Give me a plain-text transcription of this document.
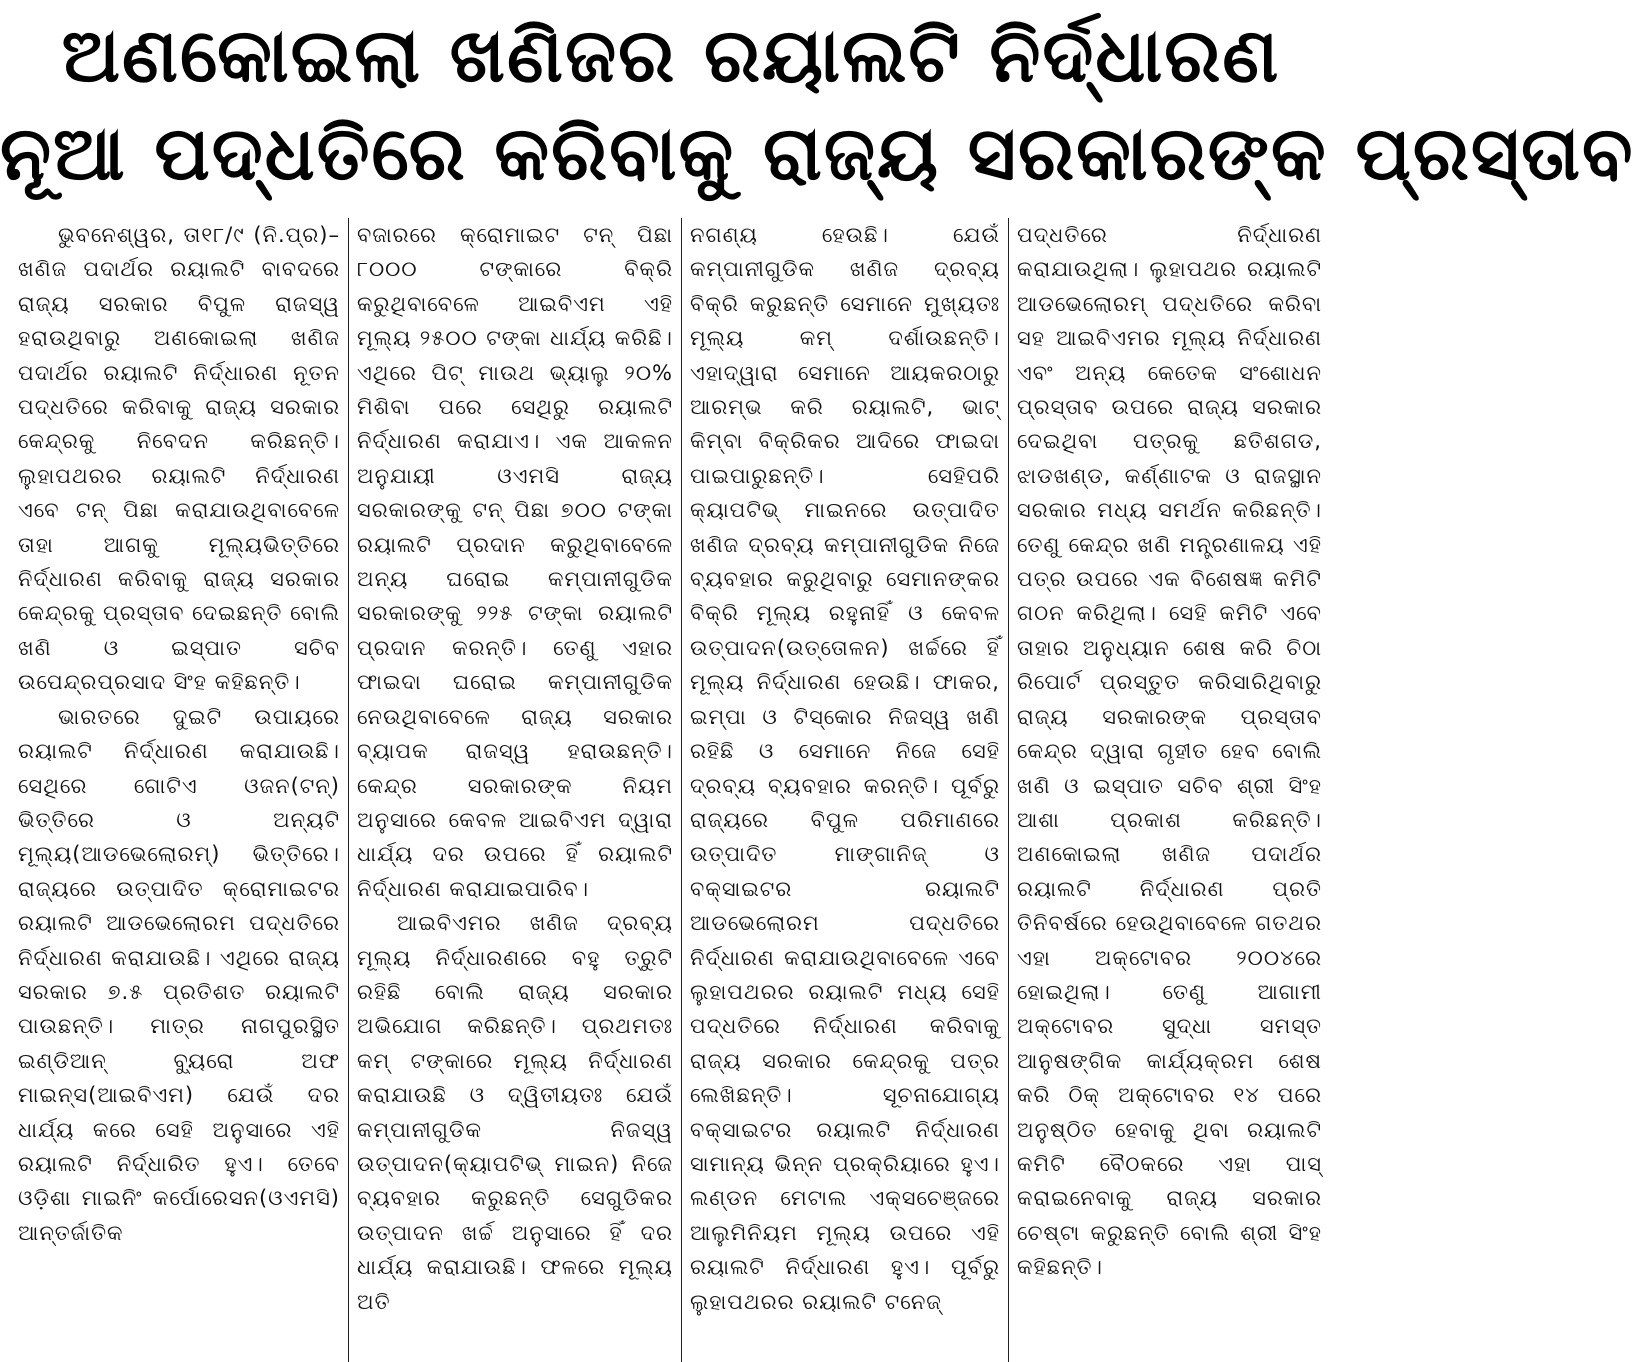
ଅଣକୋଇଲା ଖଣିଜର ରୟାଲଟି ନିର୍ଦ୍ଧାରଣ
ନୂଆ ପଦ୍ଧତିରେ କରିବାକୁ ରାଜ୍ୟ ସରକାରଙ୍କ ପ୍ରସ୍ତାବ

ଭୁବନେଶ୍ୱର, ତା୧୮/୯ (ନି.ପ୍ର)– ଖଣିଜ ପଦାର୍ଥର ରୟାଲଟି ବାବଦରେ ରାଜ୍ୟ ସରକାର ବିପୁଳ ରାଜସ୍ୱ ହରାଉଥିବାରୁ ଅଣକୋଇଲା ଖଣିଜ ପଦାର୍ଥର ରୟାଲଟି ନିର୍ଦ୍ଧାରଣ ନୂତନ ପଦ୍ଧତିରେ କରିବାକୁ ରାଜ୍ୟ ସରକାର କେନ୍ଦ୍ରକୁ ନିବେଦନ କରିଛନ୍ତି। ଲୁହାପଥରର ରୟାଲଟି ନିର୍ଦ୍ଧାରଣ ଏବେ ଟନ୍ ପିଛା କରାଯାଉଥିବାବେଳେ ତାହା ଆଗକୁ ମୂଲ୍ୟଭିତ୍ତିରେ ନିର୍ଦ୍ଧାରଣ କରିବାକୁ ରାଜ୍ୟ ସରକାର କେନ୍ଦ୍ରକୁ ପ୍ରସ୍ତାବ ଦେଇଛନ୍ତି ବୋଲି ଖଣି ଓ ଇସ୍ପାତ ସଚିବ ଉପେନ୍ଦ୍ରପ୍ରସାଦ ସିଂହ କହିଛନ୍ତି।

ଭାରତରେ ଦୁଇଟି ଉପାୟରେ ରୟାଲଟି ନିର୍ଦ୍ଧାରଣ କରାଯାଉଛି। ସେଥିରେ ଗୋଟିଏ ଓଜନ(ଟନ୍) ଭିତ୍ତିରେ ଓ ଅନ୍ୟଟି ମୂଲ୍ୟ(ଆଡଭେଲୋରମ୍) ଭିତ୍ତିରେ। ରାଜ୍ୟରେ ଉତ୍ପାଦିତ କ୍ରୋମାଇଟର ରୟାଲଟି ଆଡଭେଲୋରମ ପଦ୍ଧତିରେ ନିର୍ଦ୍ଧାରଣ କରାଯାଉଛି। ଏଥିରେ ରାଜ୍ୟ ସରକାର ୭.୫ ପ୍ରତିଶତ ରୟାଲଟି ପାଉଛନ୍ତି। ମାତ୍ର ନାଗପୁରସ୍ଥିତ ଇଣ୍ଡିଆନ୍ ବ୍ୟୁରୋ ଅଫ ମାଇନ୍ସ(ଆଇବିଏମ) ଯେଉଁ ଦର ଧାର୍ଯ୍ୟ କରେ ସେହି ଅନୁସାରେ ଏହି ରୟାଲଟି ନିର୍ଦ୍ଧାରିତ ହୁଏ। ତେବେ ଓଡ଼ିଶା ମାଇନିଂ କର୍ପୋରେସନ(ଓଏମସି) ଆନ୍ତର୍ଜାତିକ

ବଜାରରେ କ୍ରୋମାଇଟ ଟନ୍ ପିଛା ୮୦୦୦ ଟଙ୍କାରେ ବିକ୍ରି କରୁଥିବାବେଳେ ଆଇବିଏମ ଏହି ମୂଲ୍ୟ ୨୫୦୦ ଟଙ୍କା ଧାର୍ଯ୍ୟ କରିଛି। ଏଥିରେ ପିଟ୍ ମାଉଥ ଭ୍ୟାଲୁ ୨୦% ମିଶିବା ପରେ ସେଥିରୁ ରୟାଲଟି ନିର୍ଦ୍ଧାରଣ କରାଯାଏ। ଏକ ଆକଳନ ଅନୁଯାୟୀ ଓଏମସି ରାଜ୍ୟ ସରକାରଙ୍କୁ ଟନ୍ ପିଛା ୭୦୦ ଟଙ୍କା ରୟାଲଟି ପ୍ରଦାନ କରୁଥିବାବେଳେ ଅନ୍ୟ ଘରୋଇ କମ୍ପାନୀଗୁଡିକ ସରକାରଙ୍କୁ ୨୨୫ ଟଙ୍କା ରୟାଲଟି ପ୍ରଦାନ କରନ୍ତି। ତେଣୁ ଏହାର ଫାଇଦା ଘରୋଇ କମ୍ପାନୀଗୁଡିକ ନେଉଥିବାବେଳେ ରାଜ୍ୟ ସରକାର ବ୍ୟାପକ ରାଜସ୍ୱ ହରାଉଛନ୍ତି। କେନ୍ଦ୍ର ସରକାରଙ୍କ ନିୟମ ଅନୁସାରେ କେବଳ ଆଇବିଏମ ଦ୍ୱାରା ଧାର୍ଯ୍ୟ ଦର ଉପରେ ହିଁ ରୟାଲଟି ନିର୍ଦ୍ଧାରଣ କରାଯାଇପାରିବ।

ଆଇବିଏମର ଖଣିଜ ଦ୍ରବ୍ୟ ମୂଲ୍ୟ ନିର୍ଦ୍ଧାରଣରେ ବହୁ ତ୍ରୁଟି ରହିଛି ବୋଲି ରାଜ୍ୟ ସରକାର ଅଭିଯୋଗ କରିଛନ୍ତି। ପ୍ରଥମତଃ କମ୍ ଟଙ୍କାରେ ମୂଲ୍ୟ ନିର୍ଦ୍ଧାରଣ କରାଯାଉଛି ଓ ଦ୍ୱିତୀୟତଃ ଯେଉଁ କମ୍ପାନୀଗୁଡିକ ନିଜସ୍ୱ ଉତ୍ପାଦନ(କ୍ୟାପଟିଭ୍ ମାଇନ) ନିଜେ ବ୍ୟବହାର କରୁଛନ୍ତି ସେଗୁଡିକର ଉତ୍ପାଦନ ଖର୍ଚ୍ଚ ଅନୁସାରେ ହିଁ ଦର ଧାର୍ଯ୍ୟ କରାଯାଉଛି। ଫଳରେ ମୂଲ୍ୟ ଅତି

ନଗଣ୍ୟ ହେଉଛି। ଯେଉଁ କମ୍ପାନୀଗୁଡିକ ଖଣିଜ ଦ୍ରବ୍ୟ ବିକ୍ରି କରୁଛନ୍ତି ସେମାନେ ମୁଖ୍ୟତଃ ମୂଲ୍ୟ କମ୍ ଦର୍ଶାଉଛନ୍ତି। ଏହାଦ୍ୱାରା ସେମାନେ ଆୟକରଠାରୁ ଆରମ୍ଭ କରି ରୟାଲଟି, ଭାଟ୍ କିମ୍ବା ବିକ୍ରିକର ଆଦିରେ ଫାଇଦା ପାଇପାରୁଛନ୍ତି। ସେହିପରି କ୍ୟାପଟିଭ୍ ମାଇନରେ ଉତ୍ପାଦିତ ଖଣିଜ ଦ୍ରବ୍ୟ କମ୍ପାନୀଗୁଡିକ ନିଜେ ବ୍ୟବହାର କରୁଥିବାରୁ ସେମାନଙ୍କର ବିକ୍ରି ମୂଲ୍ୟ ରହୁନାହିଁ ଓ କେବଳ ଉତ୍ପାଦନ(ଉତ୍ତୋଳନ) ଖର୍ଚ୍ଚରେ ହିଁ ମୂଲ୍ୟ ନିର୍ଦ୍ଧାରଣ ହେଉଛି। ଫାକର, ଇମ୍ପା ଓ ଟିସ୍କୋର ନିଜସ୍ୱ ଖଣି ରହିଛି ଓ ସେମାନେ ନିଜେ ସେହି ଦ୍ରବ୍ୟ ବ୍ୟବହାର କରନ୍ତି। ପୂର୍ବରୁ ରାଜ୍ୟରେ ବିପୁଳ ପରିମାଣରେ ଉତ୍ପାଦିତ ମାଙ୍ଗାନିଜ୍ ଓ ବକ୍ସାଇଟର ରୟାଲଟି ଆଡଭେଲୋରମ ପଦ୍ଧତିରେ ନିର୍ଦ୍ଧାରଣ କରାଯାଉଥିବାବେଳେ ଏବେ ଲୁହାପଥରର ରୟାଲଟି ମଧ୍ୟ ସେହି ପଦ୍ଧତିରେ ନିର୍ଦ୍ଧାରଣ କରିବାକୁ ରାଜ୍ୟ ସରକାର କେନ୍ଦ୍ରକୁ ପତ୍ର ଲେଖିଛନ୍ତି। ସୂଚନାଯୋଗ୍ୟ ବକ୍ସାଇଟର ରୟାଲଟି ନିର୍ଦ୍ଧାରଣ ସାମାନ୍ୟ ଭିନ୍ନ ପ୍ରକ୍ରିୟାରେ ହୁଏ। ଲଣ୍ଡନ ମେଟାଲ ଏକ୍ସଚେଞ୍ଜରେ ଆଲୁମିନିୟମ ମୂଲ୍ୟ ଉପରେ ଏହି ରୟାଲଟି ନିର୍ଦ୍ଧାରଣ ହୁଏ। ପୂର୍ବରୁ ଲୁହାପଥରର ରୟାଲଟି ଟନେଜ୍

ପଦ୍ଧତିରେ ନିର୍ଦ୍ଧାରଣ କରାଯାଉଥିଲା। ଲୁହାପଥର ରୟାଲଟି ଆଡଭେଲୋରମ୍ ପଦ୍ଧତିରେ କରିବା ସହ ଆଇବିଏମର ମୂଲ୍ୟ ନିର୍ଦ୍ଧାରଣ ଏବଂ ଅନ୍ୟ କେତେକ ସଂଶୋଧନ ପ୍ରସ୍ତାବ ଉପରେ ରାଜ୍ୟ ସରକାର ଦେଇଥିବା ପତ୍ରକୁ ଛତିଶଗଡ, ଝାଡଖଣ୍ଡ, କର୍ଣ୍ଣାଟକ ଓ ରାଜସ୍ଥାନ ସରକାର ମଧ୍ୟ ସମର୍ଥନ କରିଛନ୍ତି। ତେଣୁ କେନ୍ଦ୍ର ଖଣି ମନ୍ତ୍ରଣାଳୟ ଏହି ପତ୍ର ଉପରେ ଏକ ବିଶେଷଜ୍ଞ କମିଟି ଗଠନ କରିଥିଲା। ସେହି କମିଟି ଏବେ ତାହାର ଅନୁଧ୍ୟାନ ଶେଷ କରି ଚିଠା ରିପୋର୍ଟ ପ୍ରସ୍ତୁତ କରିସାରିଥିବାରୁ ରାଜ୍ୟ ସରକାରଙ୍କ ପ୍ରସ୍ତାବ କେନ୍ଦ୍ର ଦ୍ୱାରା ଗୃହୀତ ହେବ ବୋଲି ଖଣି ଓ ଇସ୍ପାତ ସଚିବ ଶ୍ରୀ ସିଂହ ଆଶା ପ୍ରକାଶ କରିଛନ୍ତି। ଅଣକୋଇଲା ଖଣିଜ ପଦାର୍ଥର ରୟାଲଟି ନିର୍ଦ୍ଧାରଣ ପ୍ରତି ତିନିବର୍ଷରେ ହେଉଥିବାବେଳେ ଗତଥର ଏହା ଅକ୍ଟୋବର ୨୦୦୪ରେ ହୋଇଥିଲା। ତେଣୁ ଆଗାମୀ ଅକ୍ଟୋବର ସୁଦ୍ଧା ସମସ୍ତ ଆନୁଷଙ୍ଗିକ କାର୍ଯ୍ୟକ୍ରମ ଶେଷ କରି ଠିକ୍ ଅକ୍ଟୋବର ୧୪ ପରେ ଅନୁଷ୍ଠିତ ହେବାକୁ ଥିବା ରୟାଲଟି କମିଟି ବୈଠକରେ ଏହା ପାସ୍ କରାଇନେବାକୁ ରାଜ୍ୟ ସରକାର ଚେଷ୍ଟା କରୁଛନ୍ତି ବୋଲି ଶ୍ରୀ ସିଂହ କହିଛନ୍ତି।
